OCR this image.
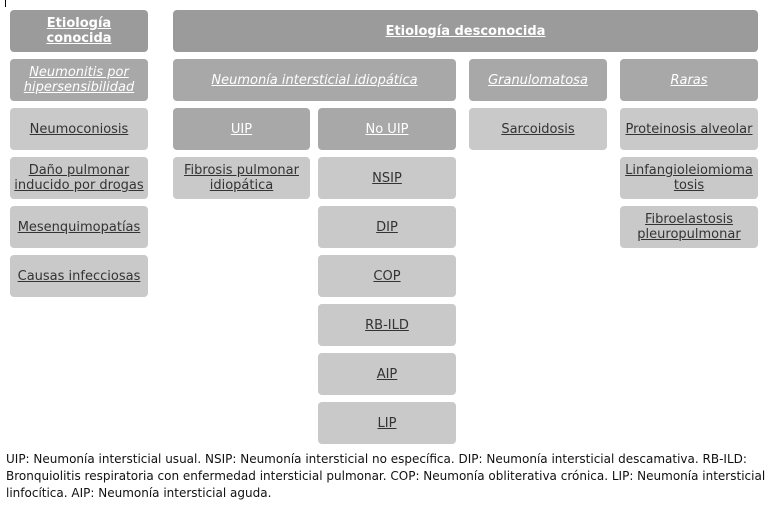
Etiología conocida	Etiología desconocida
Neumonitis por hipersensibilidad	Neumonía intersticial idiopática	Granulomatosa	Raras
Neumoconiosis
Daño pulmonar inducido por drogas
Mesenquimopatías
Causas infecciosas
UIP
Fibrosis pulmonar idiopática
No UIP
NSIP
DIP
COP
RB-ILD
AIP
LIP
Sarcoidosis	Proteinosis alveolar
Linfangioleiomiomatosis
Fibroelastosis pleuropulmonar

UIP: Neumonía intersticial usual. NSIP: Neumonía intersticial no específica. DIP: Neumonía intersticial descamativa. RB-ILD: Bronquiolitis respiratoria con enfermedad intersticial pulmonar. COP: Neumonía obliterativa crónica. LIP: Neumonía intersticial linfocítica. AIP: Neumonía intersticial aguda.
